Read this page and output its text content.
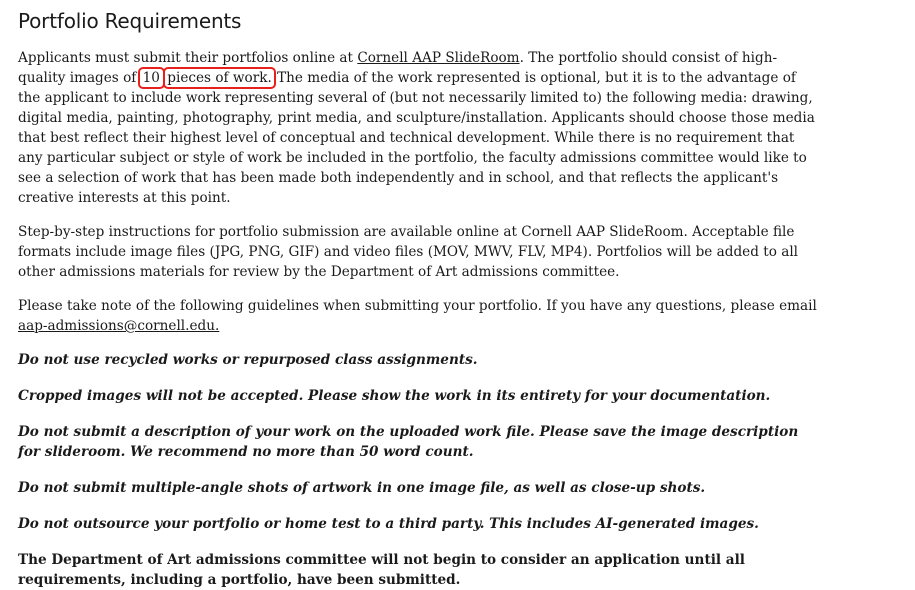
Portfolio Requirements

Applicants must submit their portfolios online at Cornell AAP SlideRoom. The portfolio should consist of high-quality images of 10 pieces of work. The media of the work represented is optional, but it is to the advantage of the applicant to include work representing several of (but not necessarily limited to) the following media: drawing, digital media, painting, photography, print media, and sculpture/installation. Applicants should choose those media that best reflect their highest level of conceptual and technical development. While there is no requirement that any particular subject or style of work be included in the portfolio, the faculty admissions committee would like to see a selection of work that has been made both independently and in school, and that reflects the applicant's creative interests at this point.

Step-by-step instructions for portfolio submission are available online at Cornell AAP SlideRoom. Acceptable file formats include image files (JPG, PNG, GIF) and video files (MOV, MWV, FLV, MP4). Portfolios will be added to all other admissions materials for review by the Department of Art admissions committee.

Please take note of the following guidelines when submitting your portfolio. If you have any questions, please email aap-admissions@cornell.edu.

Do not use recycled works or repurposed class assignments.

Cropped images will not be accepted. Please show the work in its entirety for your documentation.

Do not submit a description of your work on the uploaded work file. Please save the image description for slideroom. We recommend no more than 50 word count.

Do not submit multiple-angle shots of artwork in one image file, as well as close-up shots.

Do not outsource your portfolio or home test to a third party. This includes AI-generated images.

The Department of Art admissions committee will not begin to consider an application until all requirements, including a portfolio, have been submitted.
